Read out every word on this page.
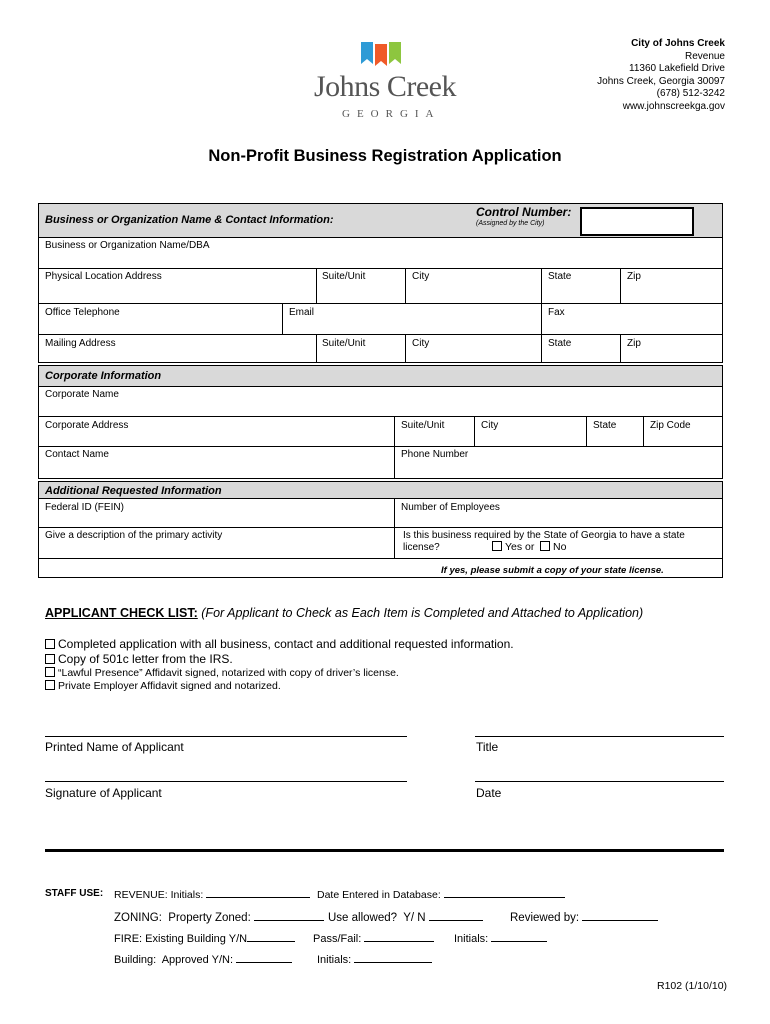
Johns Creek
GEORGIA
City of Johns Creek
Revenue
11360 Lakefield Drive
Johns Creek, Georgia 30097
(678) 512-3242
www.johnscreekga.gov
Non-Profit Business Registration Application
Business or Organization Name & Contact Information:
Control Number:
(Assigned by the City)
Business or Organization Name/DBA
Physical Location Address	Suite/Unit	City	State	Zip
Office Telephone	Email	Fax
Mailing Address	Suite/Unit	City	State	Zip
Corporate Information
Corporate Name
Corporate Address	Suite/Unit	City	State	Zip Code
Contact Name	Phone Number
Additional Requested Information
Federal ID (FEIN)	Number of Employees
Give a description of the primary activity	Is this business required by the State of Georgia to have a state
license?	Yes or	No
If yes, please submit a copy of your state license.
APPLICANT CHECK LIST: (For Applicant to Check as Each Item is Completed and Attached to Application)
Completed application with all business, contact and additional requested information.
Copy of 501c letter from the IRS.
“Lawful Presence” Affidavit signed, notarized with copy of driver’s license.
Private Employer Affidavit signed and notarized.
Printed Name of Applicant	Title
Signature of Applicant	Date
STAFF USE: REVENUE: Initials:	Date Entered in Database:
ZONING:  Property Zoned:	Use allowed?  Y/ N	Reviewed by:
FIRE: Existing Building Y/N	Pass/Fail:	Initials:
Building:  Approved Y/N:	Initials:
R102 (1/10/10)
